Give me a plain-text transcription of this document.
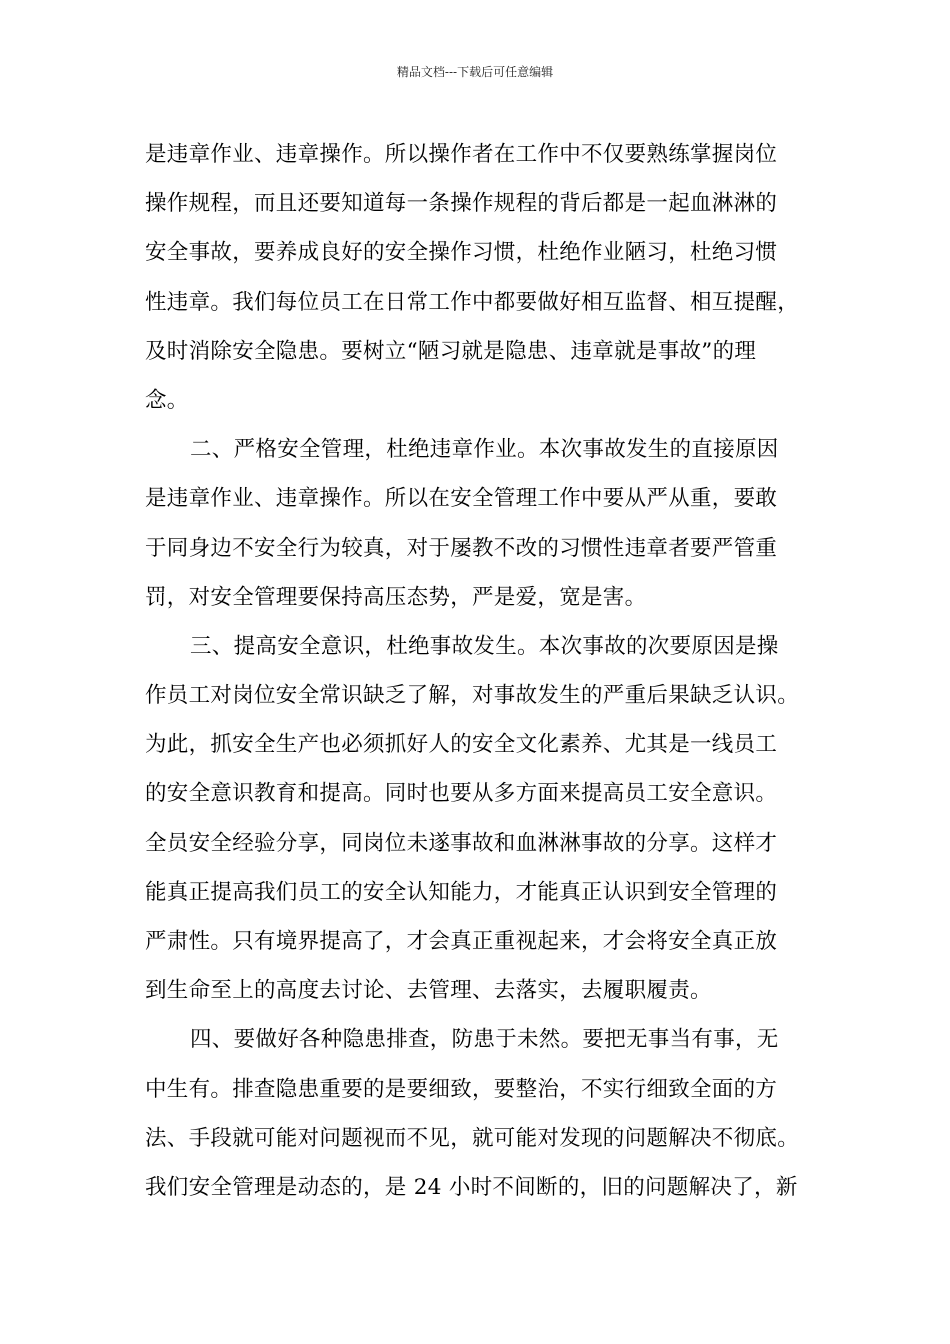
精品文档---下载后可任意编辑
是违章作业、违章操作。所以操作者在工作中不仅要熟练掌握岗位
操作规程，而且还要知道每一条操作规程的背后都是一起血淋淋的
安全事故，要养成良好的安全操作习惯，杜绝作业陋习，杜绝习惯
性违章。我们每位员工在日常工作中都要做好相互监督、相互提醒，
及时消除安全隐患。要树立“陋习就是隐患、违章就是事故”的理
念。
二、严格安全管理，杜绝违章作业。本次事故发生的直接原因
是违章作业、违章操作。所以在安全管理工作中要从严从重，要敢
于同身边不安全行为较真，对于屡教不改的习惯性违章者要严管重
罚，对安全管理要保持高压态势，严是爱，宽是害。
三、提高安全意识，杜绝事故发生。本次事故的次要原因是操
作员工对岗位安全常识缺乏了解，对事故发生的严重后果缺乏认识。
为此，抓安全生产也必须抓好人的安全文化素养、尤其是一线员工
的安全意识教育和提高。同时也要从多方面来提高员工安全意识。
全员安全经验分享，同岗位未遂事故和血淋淋事故的分享。这样才
能真正提高我们员工的安全认知能力，才能真正认识到安全管理的
严肃性。只有境界提高了，才会真正重视起来，才会将安全真正放
到生命至上的高度去讨论、去管理、去落实，去履职履责。
四、要做好各种隐患排查，防患于未然。要把无事当有事，无
中生有。排查隐患重要的是要细致，要整治，不实行细致全面的方
法、手段就可能对问题视而不见，就可能对发现的问题解决不彻底。
我们安全管理是动态的，是 24 小时不间断的，旧的问题解决了，新
